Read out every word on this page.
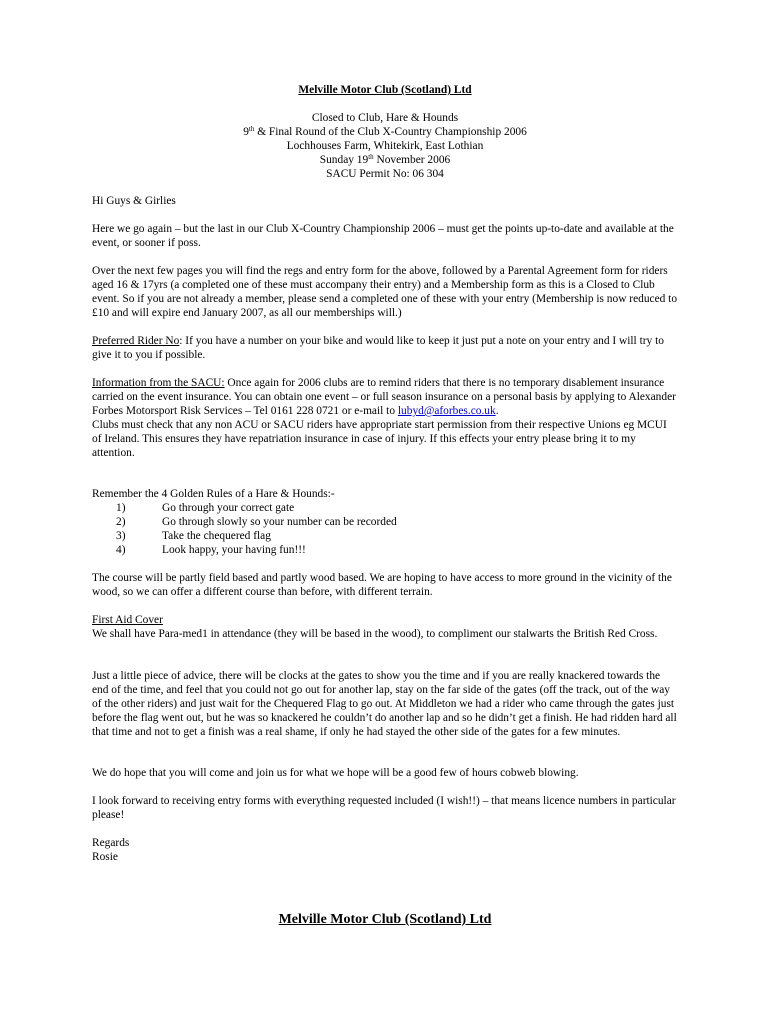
Melville Motor Club (Scotland) Ltd
Closed to Club, Hare & Hounds
9th & Final Round of the Club X-Country Championship 2006
Lochhouses Farm, Whitekirk, East Lothian
Sunday 19th November 2006
SACU Permit No: 06 304

Hi Guys & Girlies

Here we go again – but the last in our Club X-Country Championship 2006 – must get the points up-to-date and available at the event, or sooner if poss.

Over the next few pages you will find the regs and entry form for the above, followed by a Parental Agreement form for riders aged 16 & 17yrs (a completed one of these must accompany their entry) and a Membership form as this is a Closed to Club event. So if you are not already a member, please send a completed one of these with your entry (Membership is now reduced to £10 and will expire end January 2007, as all our memberships will.)

Preferred Rider No: If you have a number on your bike and would like to keep it just put a note on your entry and I will try to give it to you if possible.

Information from the SACU: Once again for 2006 clubs are to remind riders that there is no temporary disablement insurance carried on the event insurance. You can obtain one event – or full season insurance on a personal basis by applying to Alexander Forbes Motorsport Risk Services – Tel 0161 228 0721 or e-mail to lubyd@aforbes.co.uk.

Clubs must check that any non ACU or SACU riders have appropriate start permission from their respective Unions eg MCUI of Ireland. This ensures they have repatriation insurance in case of injury. If this effects your entry please bring it to my attention.

Remember the 4 Golden Rules of a Hare & Hounds:-

1)	Go through your correct gate
2)	Go through slowly so your number can be recorded
3)	Take the chequered flag
4)	Look happy, your having fun!!!

The course will be partly field based and partly wood based. We are hoping to have access to more ground in the vicinity of the wood, so we can offer a different course than before, with different terrain.

First Aid Cover

We shall have Para-med1 in attendance (they will be based in the wood), to compliment our stalwarts the British Red Cross.

Just a little piece of advice, there will be clocks at the gates to show you the time and if you are really knackered towards the end of the time, and feel that you could not go out for another lap, stay on the far side of the gates (off the track, out of the way of the other riders) and just wait for the Chequered Flag to go out. At Middleton we had a rider who came through the gates just before the flag went out, but he was so knackered he couldn’t do another lap and so he didn’t get a finish. He had ridden hard all that time and not to get a finish was a real shame, if only he had stayed the other side of the gates for a few minutes.

We do hope that you will come and join us for what we hope will be a good few of hours cobweb blowing.

I look forward to receiving entry forms with everything requested included (I wish!!) – that means licence numbers in particular please!

Regards

Rosie

Melville Motor Club (Scotland) Ltd
